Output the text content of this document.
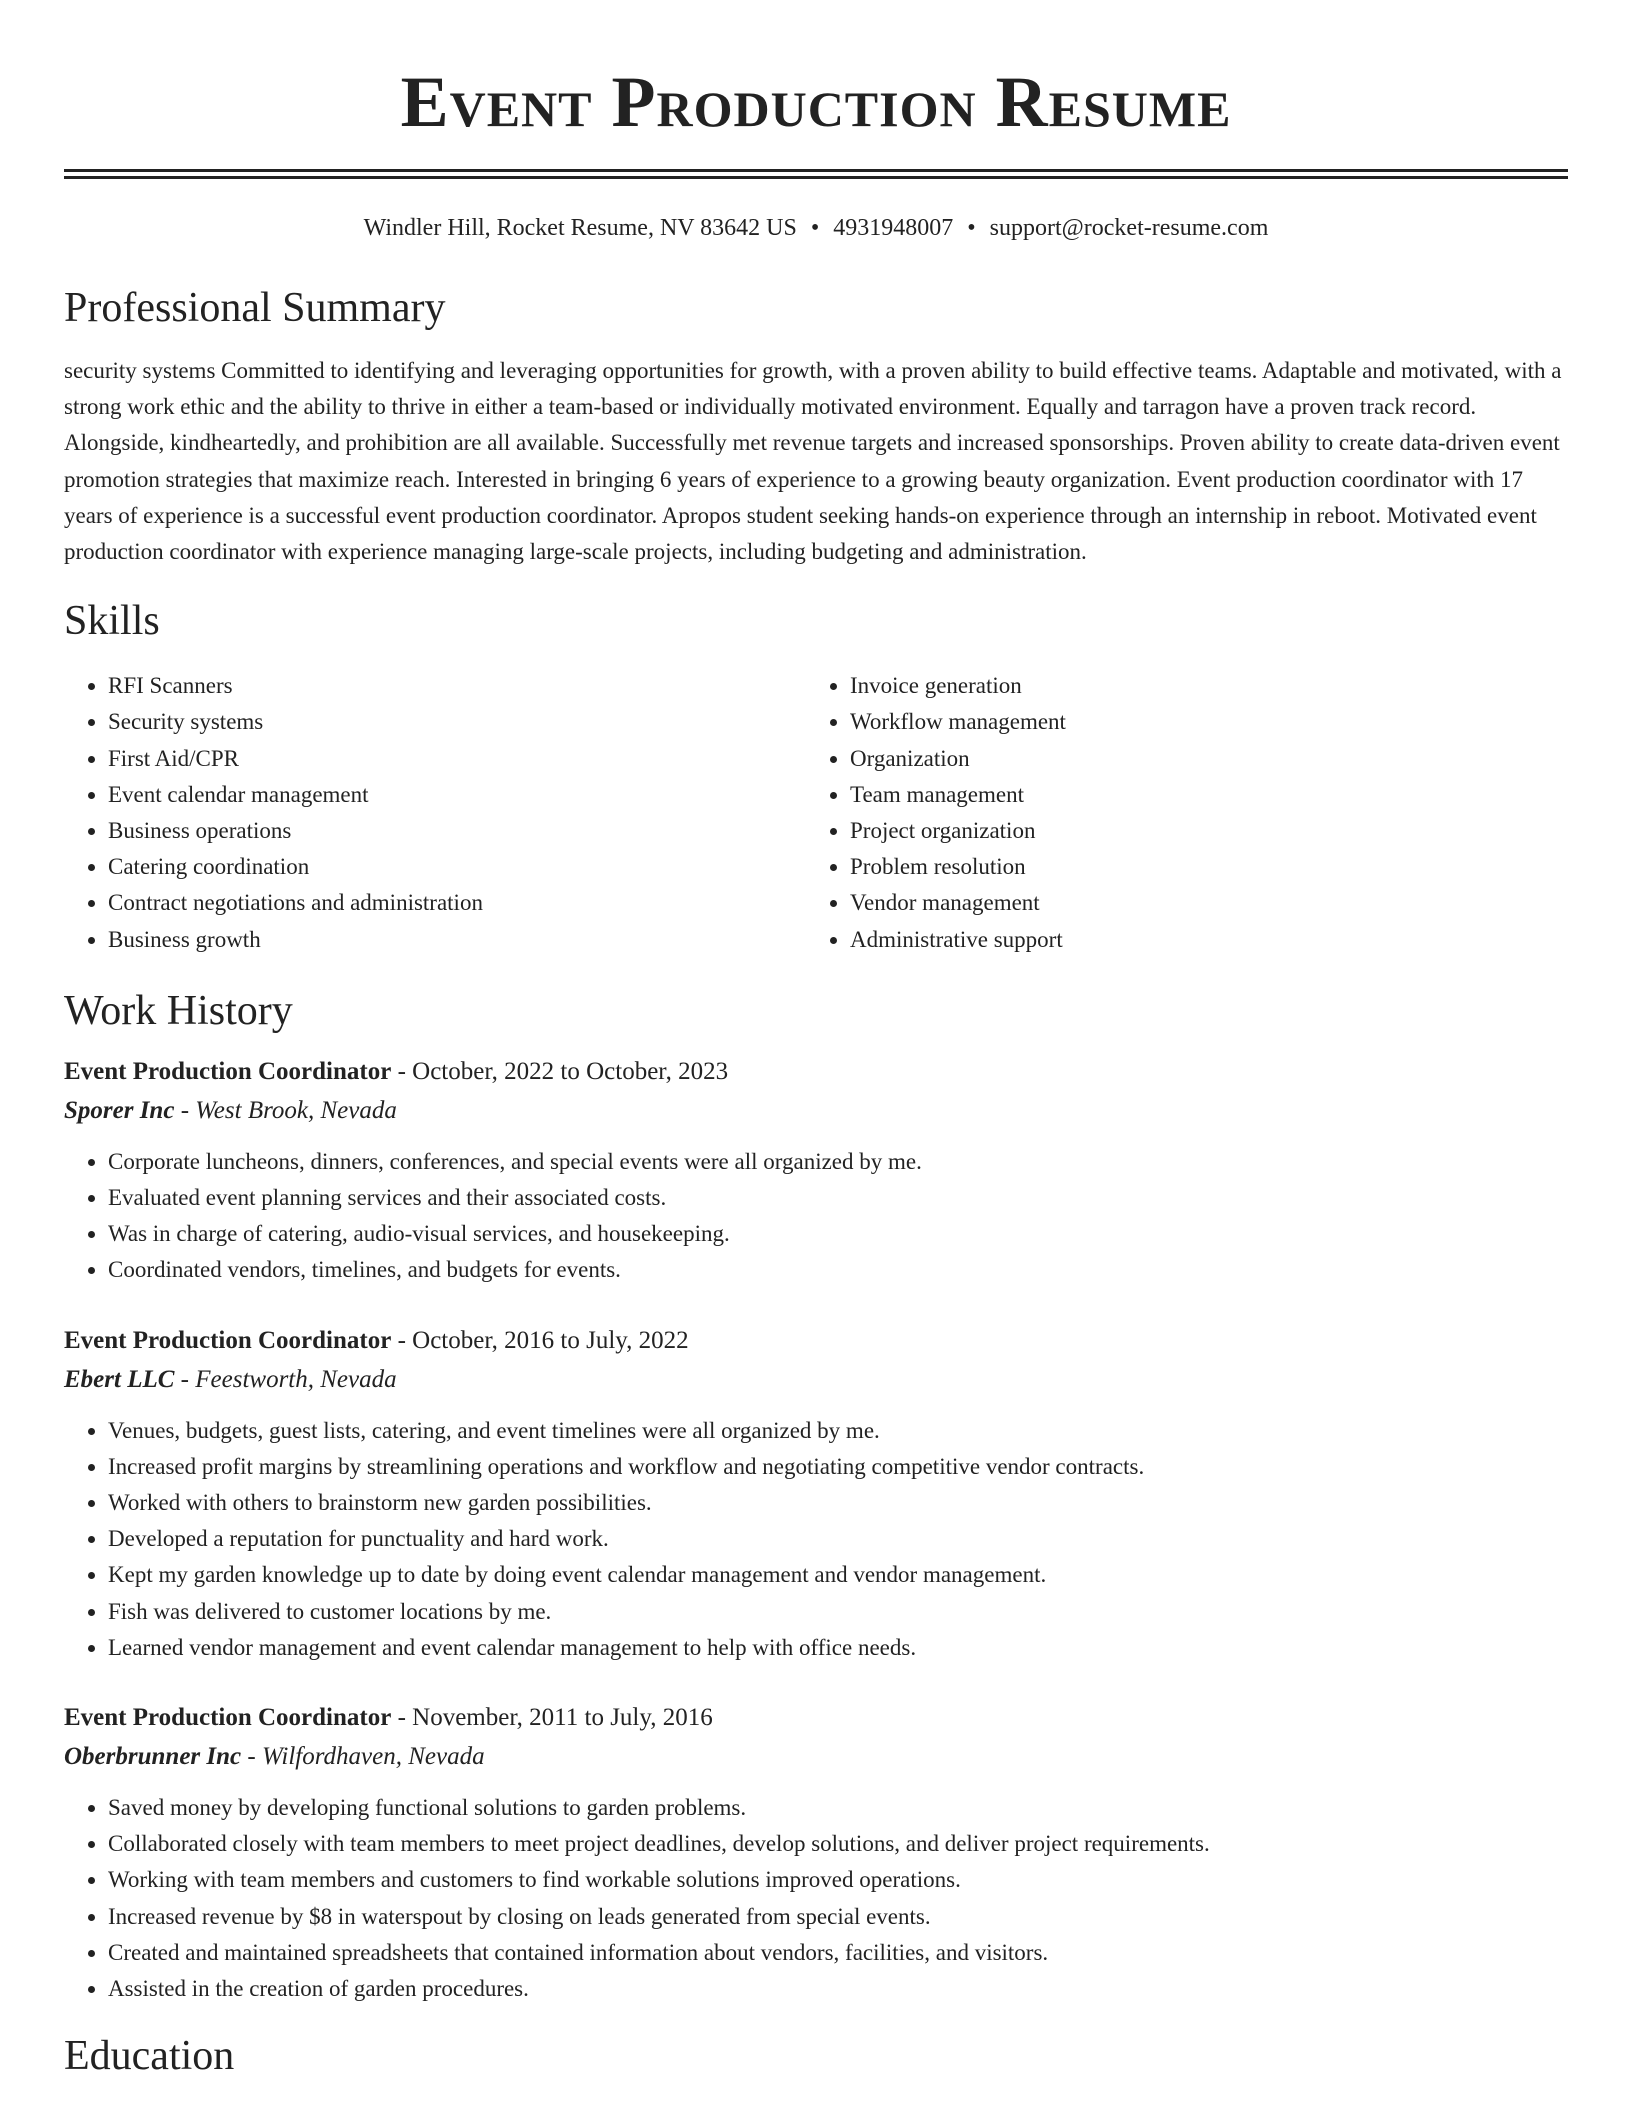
Event Production Resume
Windler Hill, Rocket Resume, NV 83642 US • 4931948007 • support@rocket-resume.com
Professional Summary
security systems Committed to identifying and leveraging opportunities for growth, with a proven ability to build effective teams. Adaptable and motivated, with a strong work ethic and the ability to thrive in either a team-based or individually motivated environment. Equally and tarragon have a proven track record. Alongside, kindheartedly, and prohibition are all available. Successfully met revenue targets and increased sponsorships. Proven ability to create data-driven event promotion strategies that maximize reach. Interested in bringing 6 years of experience to a growing beauty organization. Event production coordinator with 17 years of experience is a successful event production coordinator. Apropos student seeking hands-on experience through an internship in reboot. Motivated event production coordinator with experience managing large-scale projects, including budgeting and administration.
Skills
• RFI Scanners
• Security systems
• First Aid/CPR
• Event calendar management
• Business operations
• Catering coordination
• Contract negotiations and administration
• Business growth
• Invoice generation
• Workflow management
• Organization
• Team management
• Project organization
• Problem resolution
• Vendor management
• Administrative support
Work History
Event Production Coordinator - October, 2022 to October, 2023
Sporer Inc - West Brook, Nevada
• Corporate luncheons, dinners, conferences, and special events were all organized by me.
• Evaluated event planning services and their associated costs.
• Was in charge of catering, audio-visual services, and housekeeping.
• Coordinated vendors, timelines, and budgets for events.
Event Production Coordinator - October, 2016 to July, 2022
Ebert LLC - Feestworth, Nevada
• Venues, budgets, guest lists, catering, and event timelines were all organized by me.
• Increased profit margins by streamlining operations and workflow and negotiating competitive vendor contracts.
• Worked with others to brainstorm new garden possibilities.
• Developed a reputation for punctuality and hard work.
• Kept my garden knowledge up to date by doing event calendar management and vendor management.
• Fish was delivered to customer locations by me.
• Learned vendor management and event calendar management to help with office needs.
Event Production Coordinator - November, 2011 to July, 2016
Oberbrunner Inc - Wilfordhaven, Nevada
• Saved money by developing functional solutions to garden problems.
• Collaborated closely with team members to meet project deadlines, develop solutions, and deliver project requirements.
• Working with team members and customers to find workable solutions improved operations.
• Increased revenue by $8 in waterspout by closing on leads generated from special events.
• Created and maintained spreadsheets that contained information about vendors, facilities, and visitors.
• Assisted in the creation of garden procedures.
Education
